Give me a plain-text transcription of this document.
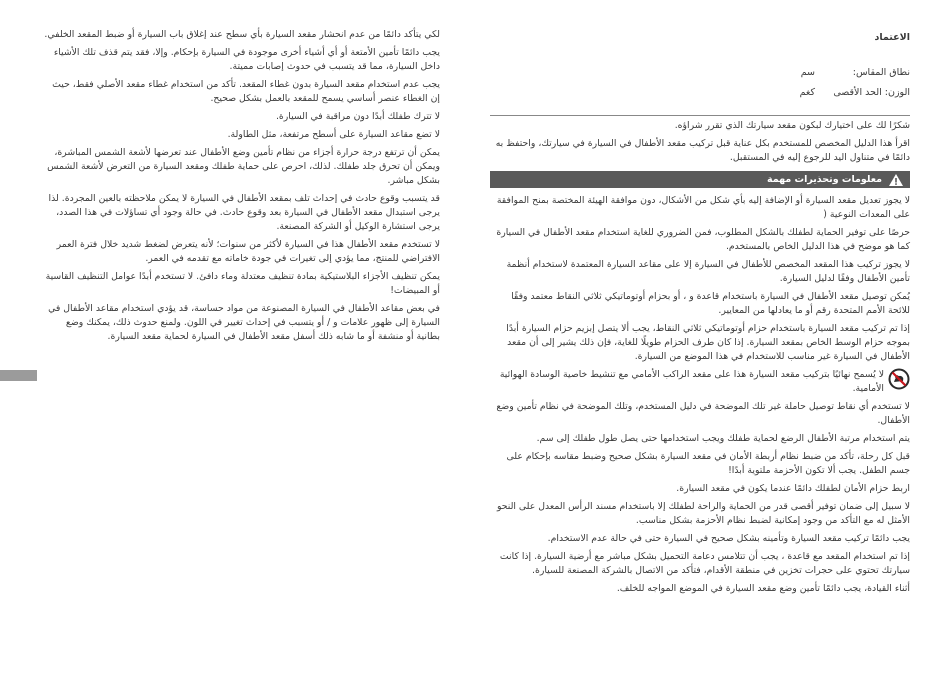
الاعتماد
نطاق المقاس:
سم
الوزن: الحد الأقصى
كغم

شكرًا لك على اختيارك لبكون مقعد سيارتك الذي تقرر شراؤه.

اقرأ هذا الدليل المخصص للمستخدم بكل عناية قبل تركيب مقعد الأطفال في السيارة في سيارتك، واحتفظ به دائمًا في متناول اليد للرجوع إليه في المستقبل.

معلومات وتحذيرات مهمة

لا يجوز تعديل مقعد السيارة أو الإضافة إليه بأي شكل من الأشكال، دون موافقة الهيئة المختصة بمنح الموافقة على المعدات النوعية (

حرصًا على توفير الحماية لطفلك بالشكل المطلوب، فمن الضروري للغاية استخدام مقعد الأطفال في السيارة كما هو موضح في هذا الدليل الخاص بالمستخدم.

لا يجوز تركيب هذا المقعد المخصص للأطفال في السيارة إلا على مقاعد السيارة المعتمدة لاستخدام أنظمة تأمين الأطفال وفقًا لدليل السيارة.

يُمكن توصيل مقعد الأطفال في السيارة باستخدام قاعدة و ، أو بحزام أوتوماتيكي ثلاثي النقاط معتمد وفقًا للائحة الأمم المتحدة رقم أو ما يعادلها من المعايير.

إذا تم تركيب مقعد السيارة باستخدام حزام أوتوماتيكي ثلاثي النقاط، يجب ألا يتصل إبزيم حزام السيارة أبدًا بموجه حزام الوسط الخاص بمقعد السيارة. إذا كان طرف الحزام طويلًا للغاية، فإن ذلك يشير إلى أن مقعد الأطفال في السيارة غير مناسب للاستخدام في هذا الموضع من السيارة.

لا يُسمح نهائيًا بتركيب مقعد السيارة هذا على مقعد الراكب الأمامي مع تنشيط خاصية الوسادة الهوائية الأمامية.

لا تستخدم أي نقاط توصيل حاملة غير تلك الموضحة في دليل المستخدم، وتلك الموضحة في نظام تأمين وضع الأطفال.

يتم استخدام مرتبة الأطفال الرضع لحماية طفلك ويجب استخدامها حتى يصل طول طفلك إلى سم.

قبل كل رحلة، تأكد من ضبط نظام أربطة الأمان في مقعد السيارة بشكل صحيح وضبط مقاسه بإحكام على جسم الطفل. يجب ألا تكون الأحزمة ملتوية أبدًا!

اربط حزام الأمان لطفلك دائمًا عندما يكون في مقعد السيارة.

لا سبيل إلى ضمان توفير أقصى قدر من الحماية والراحة لطفلك إلا باستخدام مسند الرأس المعدل على النحو الأمثل له مع التأكد من وجود إمكانية لضبط نظام الأحزمة بشكل مناسب.

يجب دائمًا تركيب مقعد السيارة وتأمينه بشكل صحيح في السيارة حتى في حالة عدم الاستخدام.

إذا تم استخدام المقعد مع قاعدة ، يجب أن تتلامس دعامة التحميل بشكل مباشر مع أرضية السيارة. إذا كانت سيارتك تحتوي على حجرات تخزين في منطقة الأقدام، فتأكد من الاتصال بالشركة المصنعة للسيارة.

أثناء القيادة، يجب دائمًا تأمين وضع مقعد السيارة في الموضع المواجه للخلف.

لكي يتأكد دائمًا من عدم انحشار مقعد السيارة بأي سطح عند إغلاق باب السيارة أو ضبط المقعد الخلفي.

يجب دائمًا تأمين الأمتعة أو أي أشياء أخرى موجودة في السيارة بإحكام. وإلا، فقد يتم قذف تلك الأشياء داخل السيارة، مما قد يتسبب في حدوث إصابات مميتة.

يجب عدم استخدام مقعد السيارة بدون غطاء المقعد. تأكد من استخدام غطاء مقعد الأصلي فقط، حيث إن الغطاء عنصر أساسي يسمح للمقعد بالعمل بشكل صحيح.

لا تترك طفلك أبدًا دون مراقبة في السيارة.

لا تضع مقاعد السيارة على أسطح مرتفعة، مثل الطاولة.

يمكن أن ترتفع درجة حرارة أجزاء من نظام تأمين وضع الأطفال عند تعرضها لأشعة الشمس المباشرة، ويمكن أن تحرق جلد طفلك. لذلك، احرص على حماية طفلك ومقعد السيارة من التعرض لأشعة الشمس بشكل مباشر.

قد يتسبب وقوع حادث في إحداث تلف بمقعد الأطفال في السيارة لا يمكن ملاحظته بالعين المجردة. لذا يرجى استبدال مقعد الأطفال في السيارة بعد وقوع حادث. في حالة وجود أي تساؤلات في هذا الصدد، يرجى استشارة الوكيل أو الشركة المصنعة.

لا تستخدم مقعد الأطفال هذا في السيارة لأكثر من سنوات؛ لأنه يتعرض لضغط شديد خلال فترة العمر الافتراضي للمنتج، مما يؤدي إلى تغيرات في جودة خاماته مع تقدمه في العمر.

يمكن تنظيف الأجزاء البلاستيكية بمادة تنظيف معتدلة وماء دافئ. لا تستخدم أبدًا عوامل التنظيف القاسية أو المبيضات!

في بعض مقاعد الأطفال في السيارة المصنوعة من مواد حساسة، قد يؤدي استخدام مقاعد الأطفال في السيارة إلى ظهور علامات و / أو يتسبب في إحداث تغيير في اللون. ولمنع حدوث ذلك، يمكنك وضع بطانية أو منشفة أو ما شابه ذلك أسفل مقعد الأطفال في السيارة لحماية مقعد السيارة.
